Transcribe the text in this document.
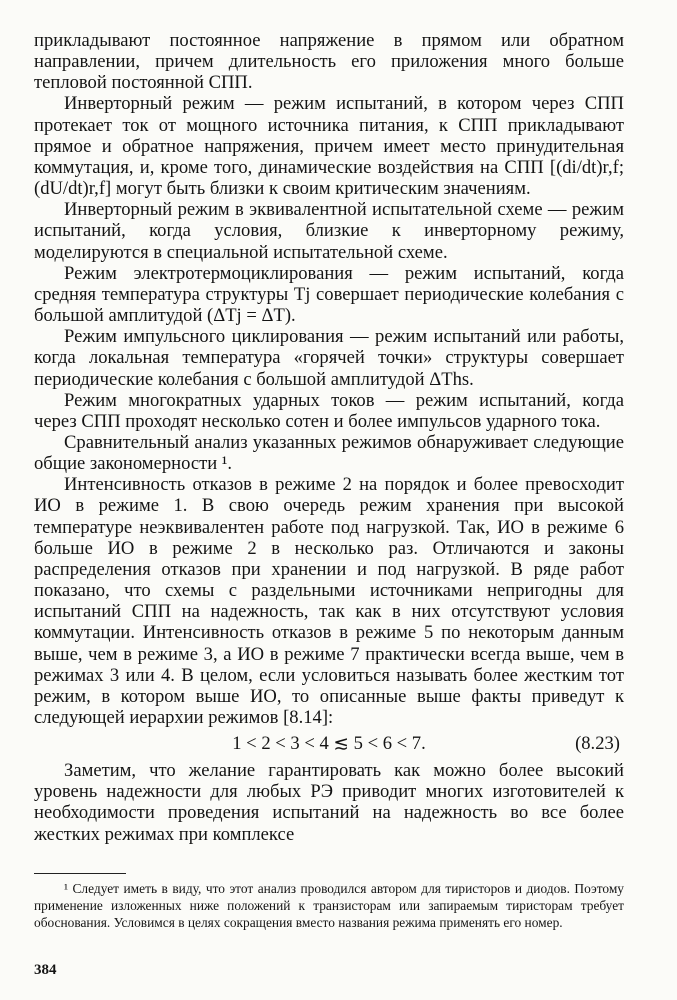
прикладывают постоянное напряжение в прямом или обратном направлении, причем длительность его приложения много больше тепловой постоянной СПП.

Инверторный режим — режим испытаний, в котором через СПП протекает ток от мощного источника питания, к СПП прикладывают прямое и обратное напряжения, причем имеет место принудительная коммутация, и, кроме того, динамические воздействия на СПП [(di/dt)r,f; (dU/dt)r,f] могут быть близки к своим критическим значениям.

Инверторный режим в эквивалентной испытательной схеме — режим испытаний, когда условия, близкие к инверторному режиму, моделируются в специальной испытательной схеме.

Режим электротермоциклирования — режим испытаний, когда средняя температура структуры Tj совершает периодические колебания с большой амплитудой (ΔTj = ΔT).

Режим импульсного циклирования — режим испытаний или работы, когда локальная температура «горячей точки» структуры совершает периодические колебания с большой амплитудой ΔThs.

Режим многократных ударных токов — режим испытаний, когда через СПП проходят несколько сотен и более импульсов ударного тока.

Сравнительный анализ указанных режимов обнаруживает следующие общие закономерности ¹.

Интенсивность отказов в режиме 2 на порядок и более превосходит ИО в режиме 1. В свою очередь режим хранения при высокой температуре неэквивалентен работе под нагрузкой. Так, ИО в режиме 6 больше ИО в режиме 2 в несколько раз. Отличаются и законы распределения отказов при хранении и под нагрузкой. В ряде работ показано, что схемы с раздельными источниками непригодны для испытаний СПП на надежность, так как в них отсутствуют условия коммутации. Интенсивность отказов в режиме 5 по некоторым данным выше, чем в режиме 3, а ИО в режиме 7 практически всегда выше, чем в режимах 3 или 4. В целом, если условиться называть более жестким тот режим, в котором выше ИО, то описанные выше факты приведут к следующей иерархии режимов [8.14]:

1 < 2 < 3 < 4 ≲ 5 < 6 < 7.	(8.23)

Заметим, что желание гарантировать как можно более высокий уровень надежности для любых РЭ приводит многих изготовителей к необходимости проведения испытаний на надежность во все более жестких режимах при комплексе

¹ Следует иметь в виду, что этот анализ проводился автором для тиристоров и диодов. Поэтому применение изложенных ниже положений к транзисторам или запираемым тиристорам требует обоснования. Условимся в целях сокращения вместо названия режима применять его номер.

384
